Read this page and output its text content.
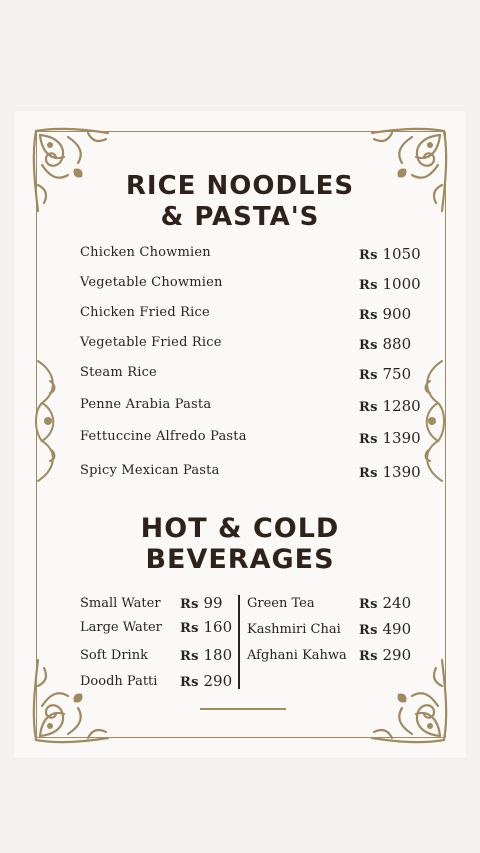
RICE NOODLES
& PASTA'S
Chicken Chowmien	Rs 1050
Vegetable Chowmien	Rs 1000
Chicken Fried Rice	Rs 900
Vegetable Fried Rice	Rs 880
Steam Rice	Rs 750
Penne Arabia Pasta	Rs 1280
Fettuccine Alfredo Pasta	Rs 1390
Spicy Mexican Pasta	Rs 1390
HOT & COLD
BEVERAGES
Small Water Rs 99
Large Water Rs 160
Soft Drink Rs 180
Doodh Patti Rs 290
Green Tea	Rs 240
Kashmiri Chai Rs 490
Afghani Kahwa Rs 290
